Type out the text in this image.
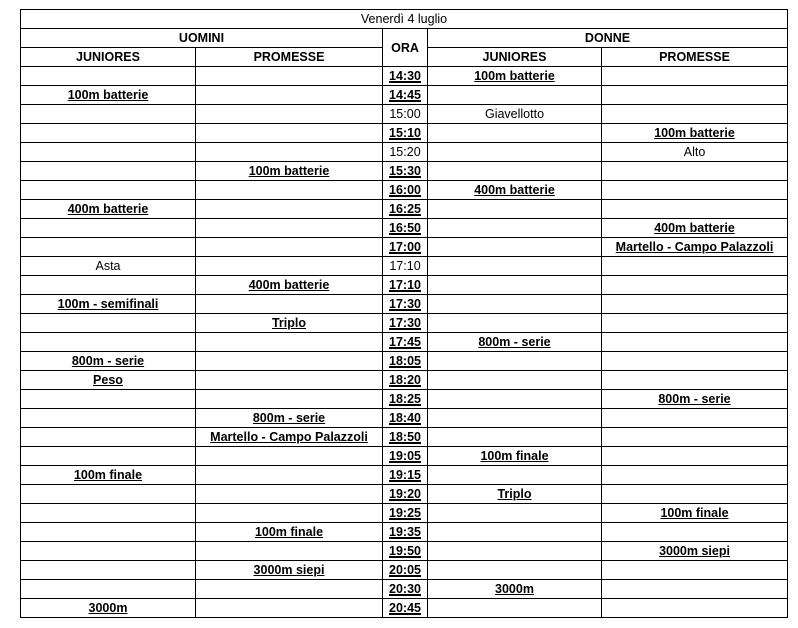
Venerdì 4 luglio				
UOMINI		ORA	DONNE	
JUNIORES	PROMESSE		JUNIORES	PROMESSE
		14:30	100m batterie	
100m batterie		14:45		
		15:00	Giavellotto	
		15:10		100m batterie
		15:20		Alto
	100m batterie	15:30		
		16:00	400m batterie	
400m batterie		16:25		
		16:50		400m batterie
		17:00		Martello - Campo Palazzoli
Asta		17:10		
	400m batterie	17:10		
100m - semifinali		17:30		
	Triplo	17:30		
		17:45	800m - serie	
800m - serie		18:05		
Peso		18:20		
		18:25		800m - serie
	800m - serie	18:40		
	Martello - Campo Palazzoli	18:50		
		19:05	100m finale	
100m finale		19:15		
		19:20	Triplo	
		19:25		100m finale
	100m finale	19:35		
		19:50		3000m siepi
	3000m siepi	20:05		
		20:30	3000m	
3000m		20:45		
